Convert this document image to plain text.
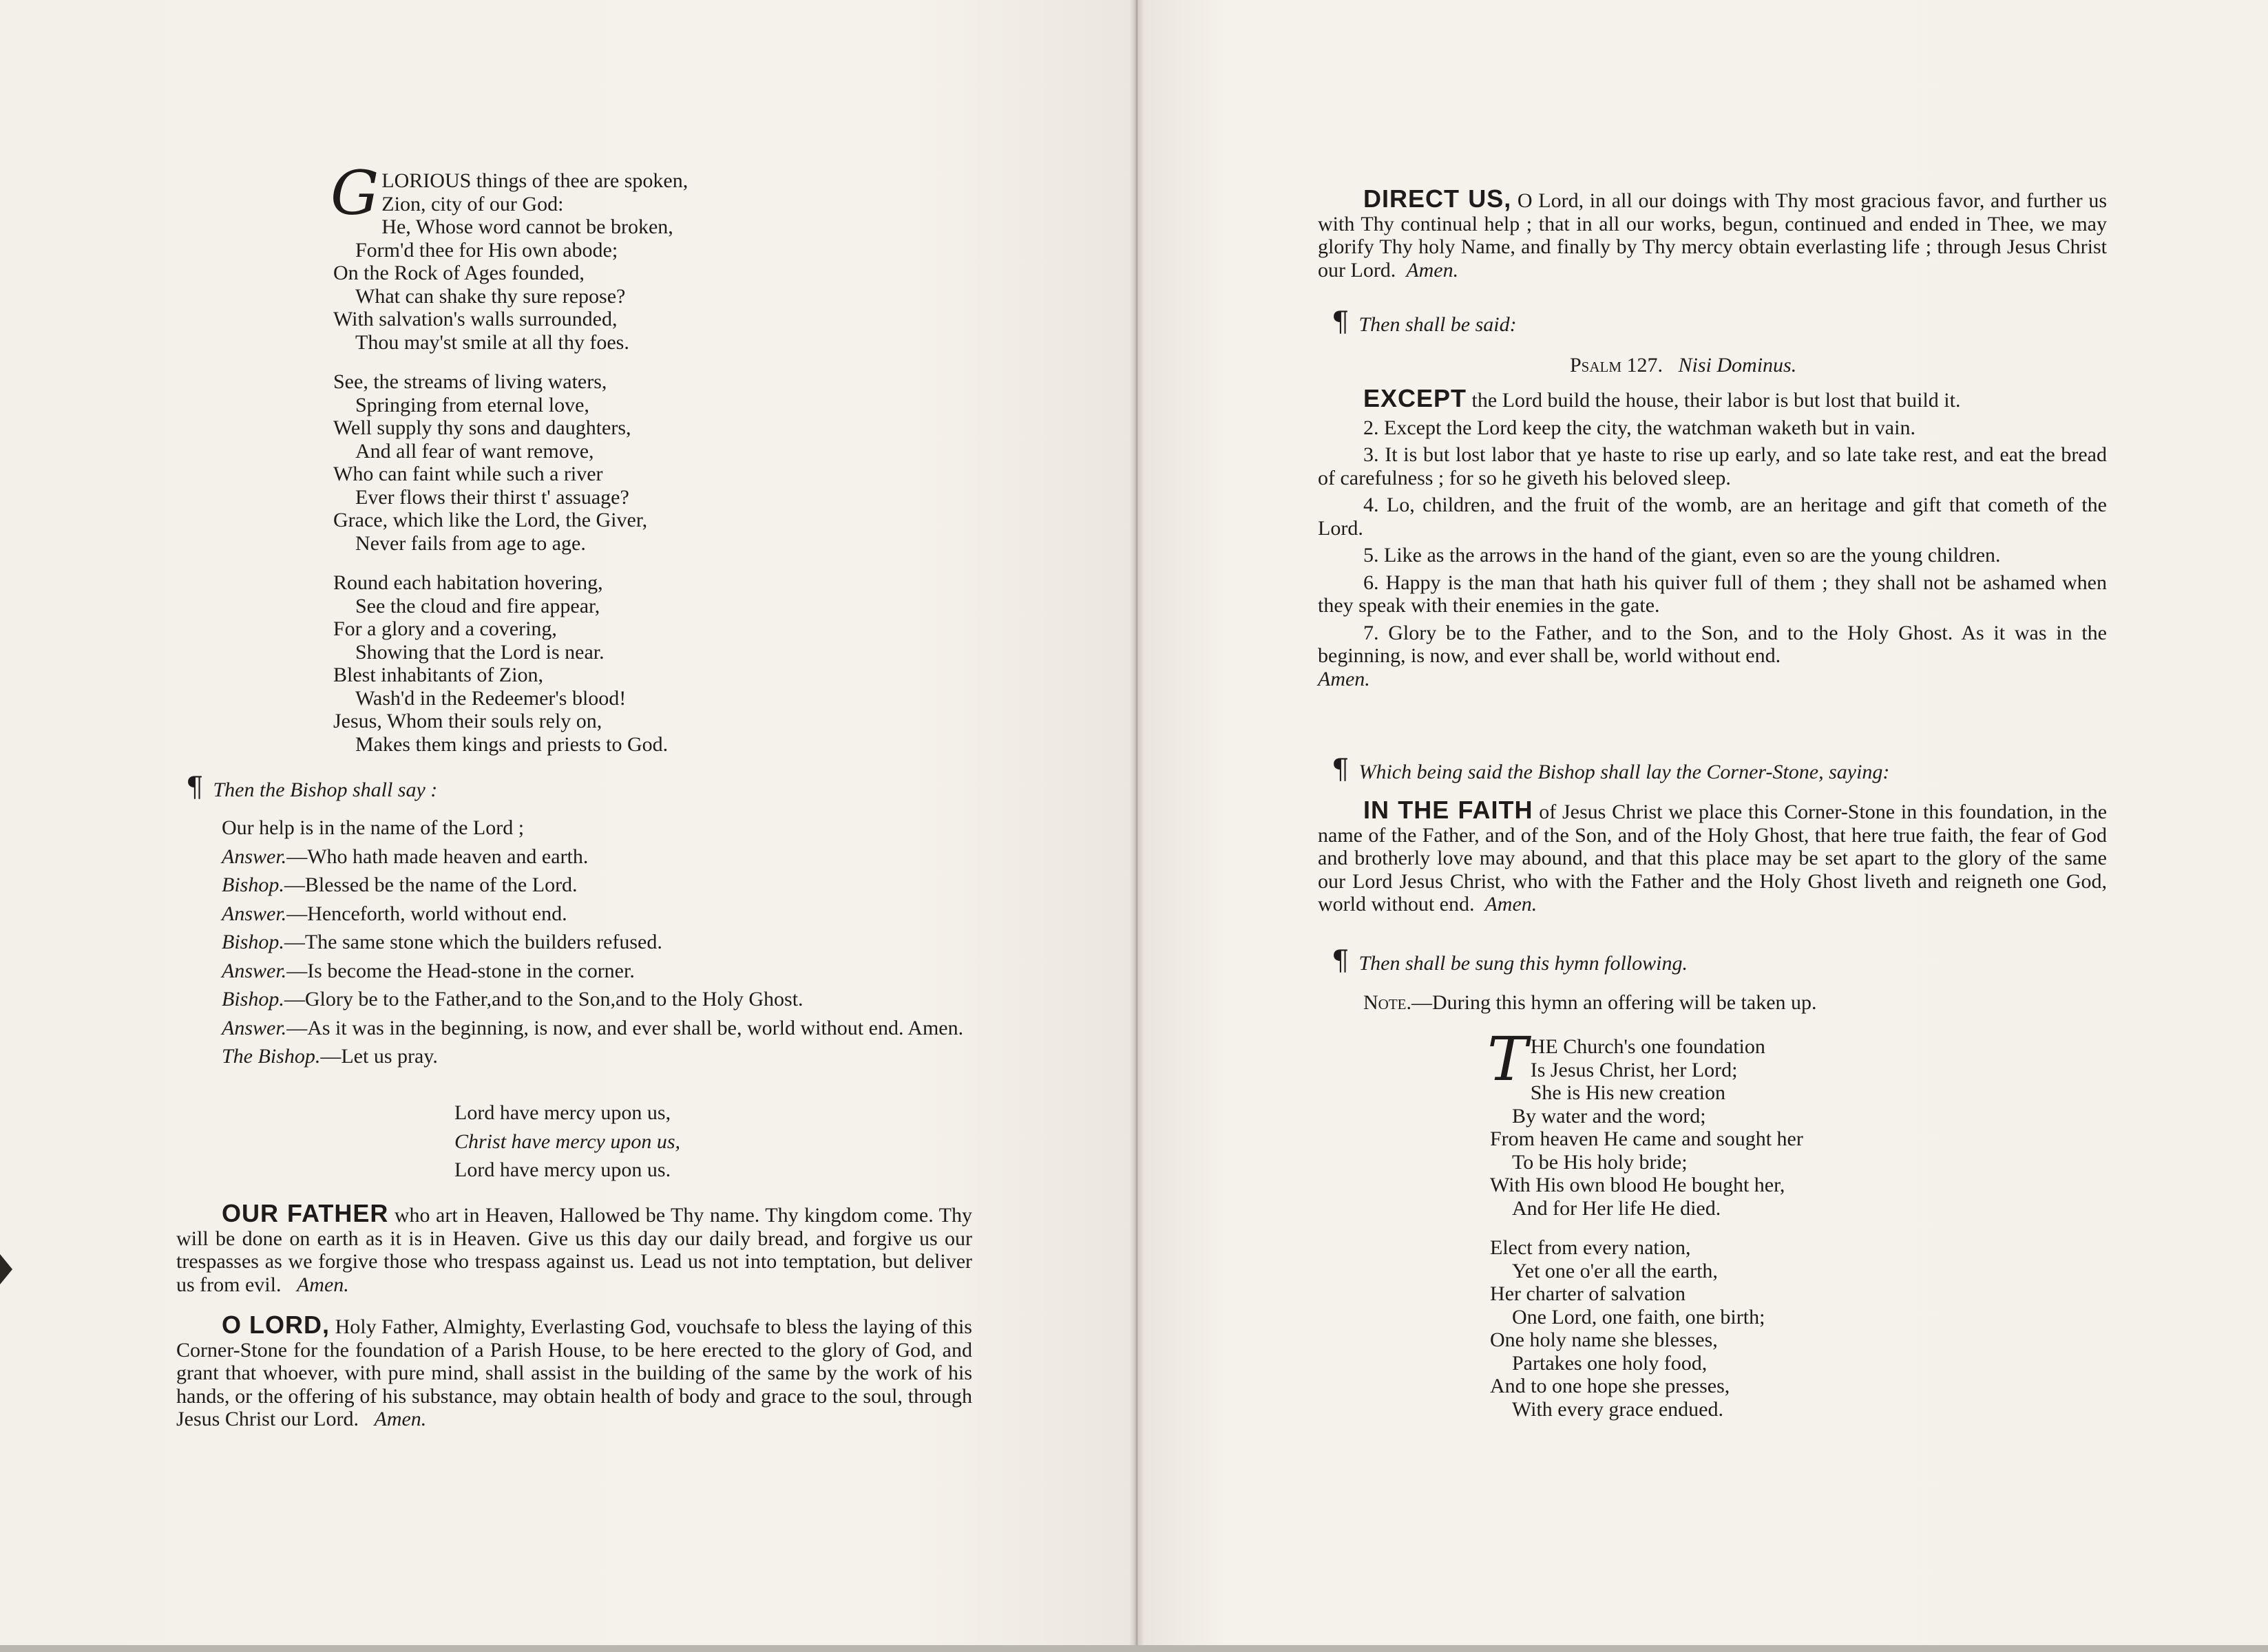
GLORIOUS things of thee are spoken,
Zion, city of our God:
He, Whose word cannot be broken,
Form'd thee for His own abode;
On the Rock of Ages founded,
What can shake thy sure repose?
With salvation's walls surrounded,
Thou may'st smile at all thy foes.
See, the streams of living waters,
Springing from eternal love,
Well supply thy sons and daughters,
And all fear of want remove,
Who can faint while such a river
Ever flows their thirst t' assuage?
Grace, which like the Lord, the Giver,
Never fails from age to age.
Round each habitation hovering,
See the cloud and fire appear,
For a glory and a covering,
Showing that the Lord is near.
Blest inhabitants of Zion,
Wash'd in the Redeemer's blood!
Jesus, Whom their souls rely on,
Makes them kings and priests to God.
¶ Then the Bishop shall say :
Our help is in the name of the Lord ;
Answer.—Who hath made heaven and earth.
Bishop.—Blessed be the name of the Lord.
Answer.—Henceforth, world without end.
Bishop.—The same stone which the builders refused.
Answer.—Is become the Head-stone in the corner.
Bishop.—Glory be to the Father,and to the Son,and to the Holy Ghost.
Answer.—As it was in the beginning, is now, and ever shall be, world without end. Amen.
The Bishop.—Let us pray.
Lord have mercy upon us,
Christ have mercy upon us,
Lord have mercy upon us.
OUR FATHER who art in Heaven, Hallowed be Thy name. Thy kingdom come. Thy will be done on earth as it is in Heaven. Give us this day our daily bread, and forgive us our trespasses as we forgive those who trespass against us. Lead us not into temptation, but deliver us from evil. Amen.
O LORD, Holy Father, Almighty, Everlasting God, vouchsafe to bless the laying of this Corner-Stone for the foundation of a Parish House, to be here erected to the glory of God, and grant that whoever, with pure mind, shall assist in the building of the same by the work of his hands, or the offering of his substance, may obtain health of body and grace to the soul, through Jesus Christ our Lord. Amen.
DIRECT US, O Lord, in all our doings with Thy most gracious favor, and further us with Thy continual help ; that in all our works, begun, continued and ended in Thee, we may glorify Thy holy Name, and finally by Thy mercy obtain everlasting life ; through Jesus Christ our Lord. Amen.
¶ Then shall be said:
Psalm 127. Nisi Dominus.
EXCEPT the Lord build the house, their labor is but lost that build it.
2. Except the Lord keep the city, the watchman waketh but in vain.
3. It is but lost labor that ye haste to rise up early, and so late take rest, and eat the bread of carefulness ; for so he giveth his beloved sleep.
4. Lo, children, and the fruit of the womb, are an heritage and gift that cometh of the Lord.
5. Like as the arrows in the hand of the giant, even so are the young children.
6. Happy is the man that hath his quiver full of them ; they shall not be ashamed when they speak with their enemies in the gate.
7. Glory be to the Father, and to the Son, and to the Holy Ghost. As it was in the beginning, is now, and ever shall be, world without end.
Amen.
¶ Which being said the Bishop shall lay the Corner-Stone, saying:
IN THE FAITH of Jesus Christ we place this Corner-Stone in this foundation, in the name of the Father, and of the Son, and of the Holy Ghost, that here true faith, the fear of God and brotherly love may abound, and that this place may be set apart to the glory of the same our Lord Jesus Christ, who with the Father and the Holy Ghost liveth and reigneth one God, world without end. Amen.
¶ Then shall be sung this hymn following.
Note.—During this hymn an offering will be taken up.
THE Church's one foundation
Is Jesus Christ, her Lord;
She is His new creation
By water and the word;
From heaven He came and sought her
To be His holy bride;
With His own blood He bought her,
And for Her life He died.
Elect from every nation,
Yet one o'er all the earth,
Her charter of salvation
One Lord, one faith, one birth;
One holy name she blesses,
Partakes one holy food,
And to one hope she presses,
With every grace endued.
